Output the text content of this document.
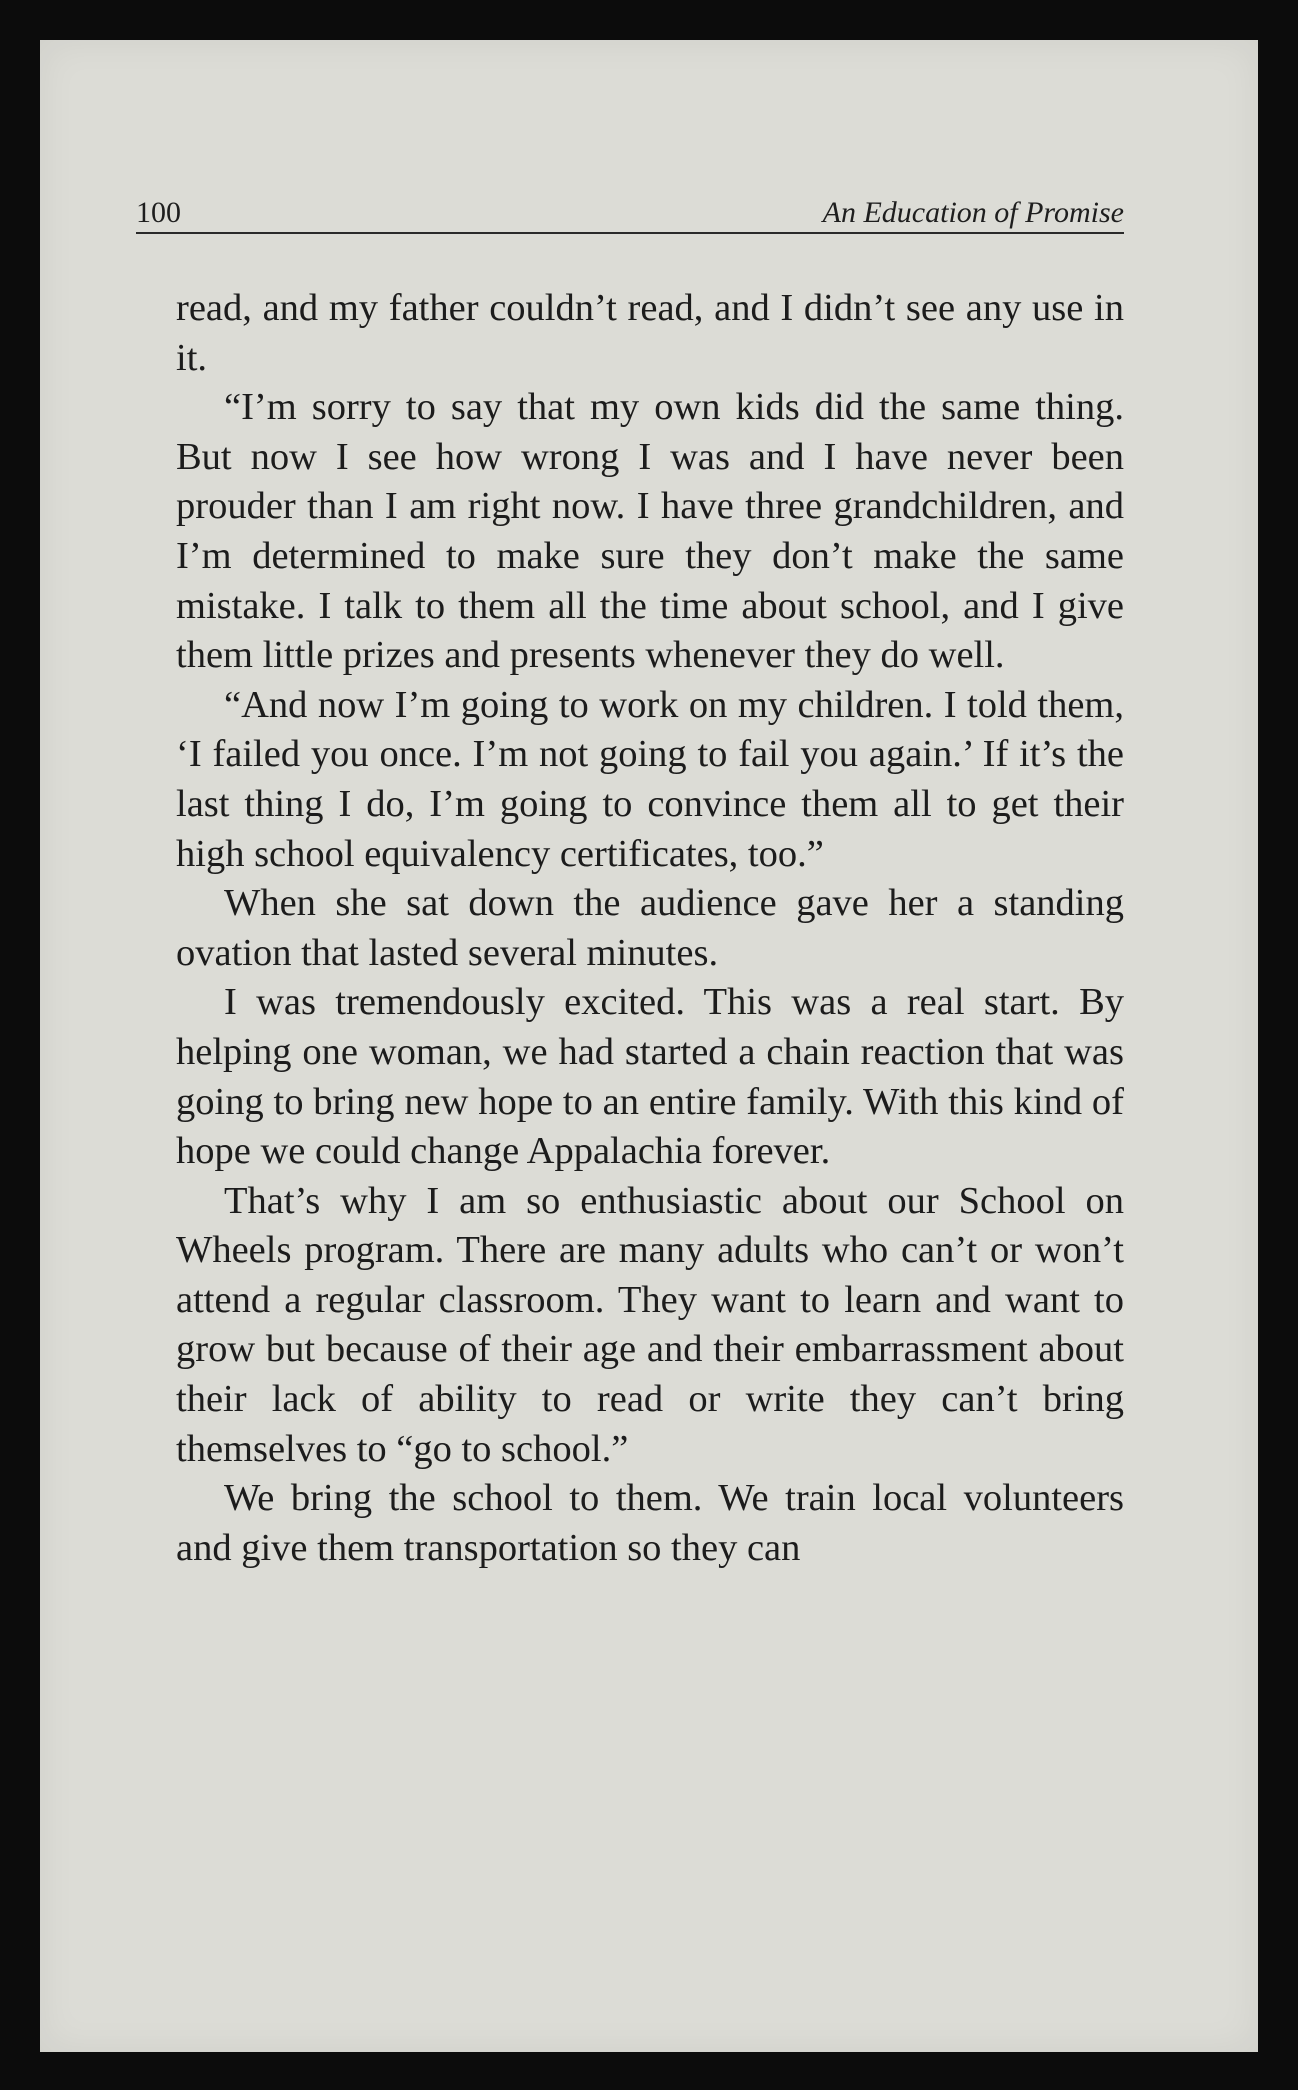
100	An Education of Promise

read, and my father couldn’t read, and I didn’t see any use in it.

“I’m sorry to say that my own kids did the same thing. But now I see how wrong I was and I have never been prouder than I am right now. I have three grandchildren, and I’m determined to make sure they don’t make the same mistake. I talk to them all the time about school, and I give them little prizes and presents whenever they do well.

“And now I’m going to work on my children. I told them, ‘I failed you once. I’m not going to fail you again.’ If it’s the last thing I do, I’m going to convince them all to get their high school equivalency certificates, too.”

When she sat down the audience gave her a standing ovation that lasted several minutes.

I was tremendously excited. This was a real start. By helping one woman, we had started a chain reaction that was going to bring new hope to an entire family. With this kind of hope we could change Appalachia forever.

That’s why I am so enthusiastic about our School on Wheels program. There are many adults who can’t or won’t attend a regular classroom. They want to learn and want to grow but because of their age and their embarrassment about their lack of ability to read or write they can’t bring themselves to “go to school.”

We bring the school to them. We train local volunteers and give them transportation so they can
